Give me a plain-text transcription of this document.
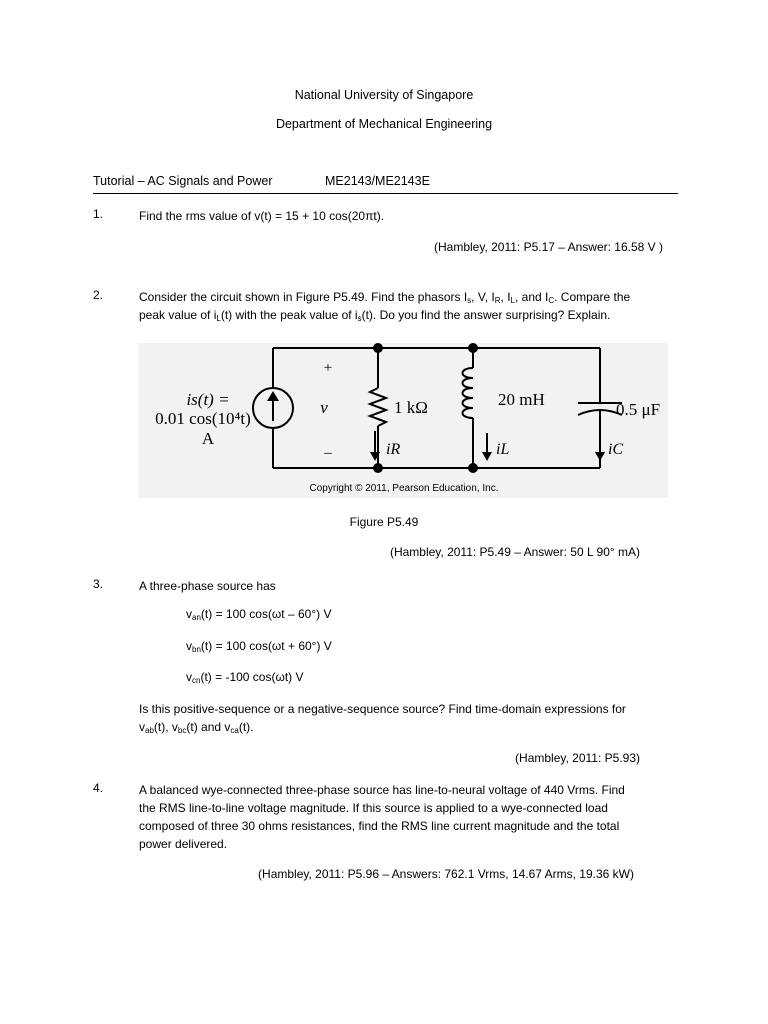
National University of Singapore
Department of Mechanical Engineering
Tutorial – AC Signals and Power	ME2143/ME2143E
1.	Find the rms value of v(t) = 15 + 10 cos(20πt).
(Hambley, 2011: P5.17 – Answer: 16.58 V )
2.	Consider the circuit shown in Figure P5.49. Find the phasors $I_s$, V, $I_R$, $I_L$, and $I_C$. Compare the
peak value of $i_L(t)$ with the peak value of $i_s(t)$. Do you find the answer surprising? Explain.
is(t) =
0.01 cos(10⁴t)
A
+
v
–
1 kΩ	20 mH
0.5 μF
iR	iL	iC
Copyright © 2011, Pearson Education, Inc.
Figure P5.49
(Hambley, 2011: P5.49 – Answer: 50 L 90° mA)
3.	A three-phase source has
$v_{an}(t) = 100$ cos(ωt – 60°) V
$v_{bn}(t) = 100$ cos(ωt + 60°) V
$v_{cn}(t) = -100$ cos(ωt) V
Is this positive-sequence or a negative-sequence source? Find time-domain expressions for
$v_{ab}(t)$, $v_{bc}(t)$ and $v_{ca}(t)$.
(Hambley, 2011: P5.93)
4.	A balanced wye-connected three-phase source has line-to-neural voltage of 440 Vrms. Find
the RMS line-to-line voltage magnitude. If this source is applied to a wye-connected load
composed of three 30 ohms resistances, find the RMS line current magnitude and the total
power delivered.
(Hambley, 2011: P5.96 – Answers: 762.1 Vrms, 14.67 Arms, 19.36 kW)
